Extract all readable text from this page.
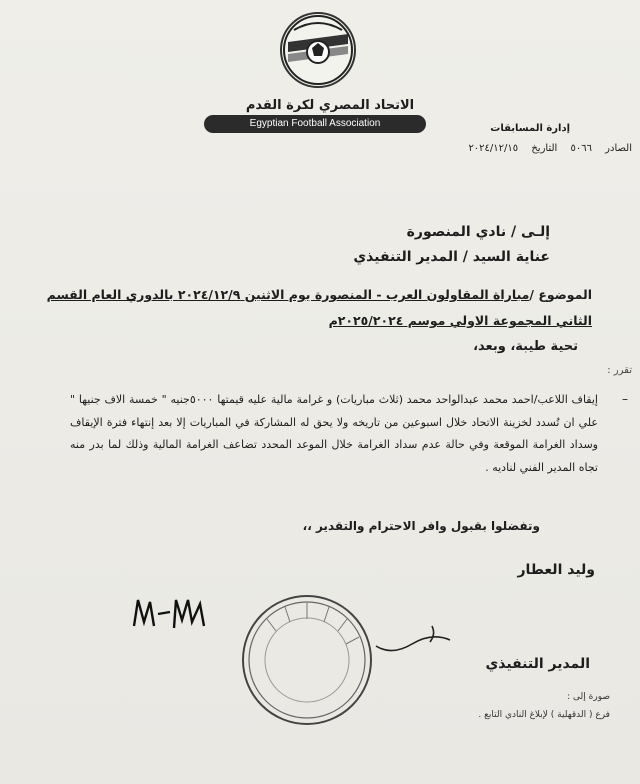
الاتحاد المصري لكرة القدم
Egyptian Football Association	إدارة المسابقات
الصادر ٥٠٦٦ التاريخ ٢٠٢٤/١٢/١٥
إلـى / نادي المنصورة
عناية السيد / المدير التنفيذي
الموضوع /مباراة المقاولون العرب - المنصورة يوم الاثنين ٢٠٢٤/١٢/٩ بالدوري العام القسم
الثاني المجموعة الاولي موسم ٢٠٢٥/٢٠٢٤م
تحية طيبة، وبعد،
تقرر :
–
إيقاف اللاعب/احمد محمد عبدالواحد محمد (ثلاث مباريات) و غرامة مالية عليه قيمتها ٥٠٠٠جنيه " خمسة الاف جنيها " علي ان تُسدد لخزينة الاتحاد خلال اسبوعين من تاريخه ولا يحق له المشاركة في المباريات إلا بعد إنتهاء فترة الإيقاف وسداد الغرامة الموقعة وفي حالة عدم سداد الغرامة خلال الموعد المحدد تضاعف الغرامة المالية وذلك لما بدر منه تجاه المدير الفني لناديه .
وتفضلوا بقبول وافر الاحترام والتقدير ،،
وليد العطار
المدير التنفيذي
صورة إلى :
فرع ( الدقهلية ) لإبلاغ النادي التابع .
